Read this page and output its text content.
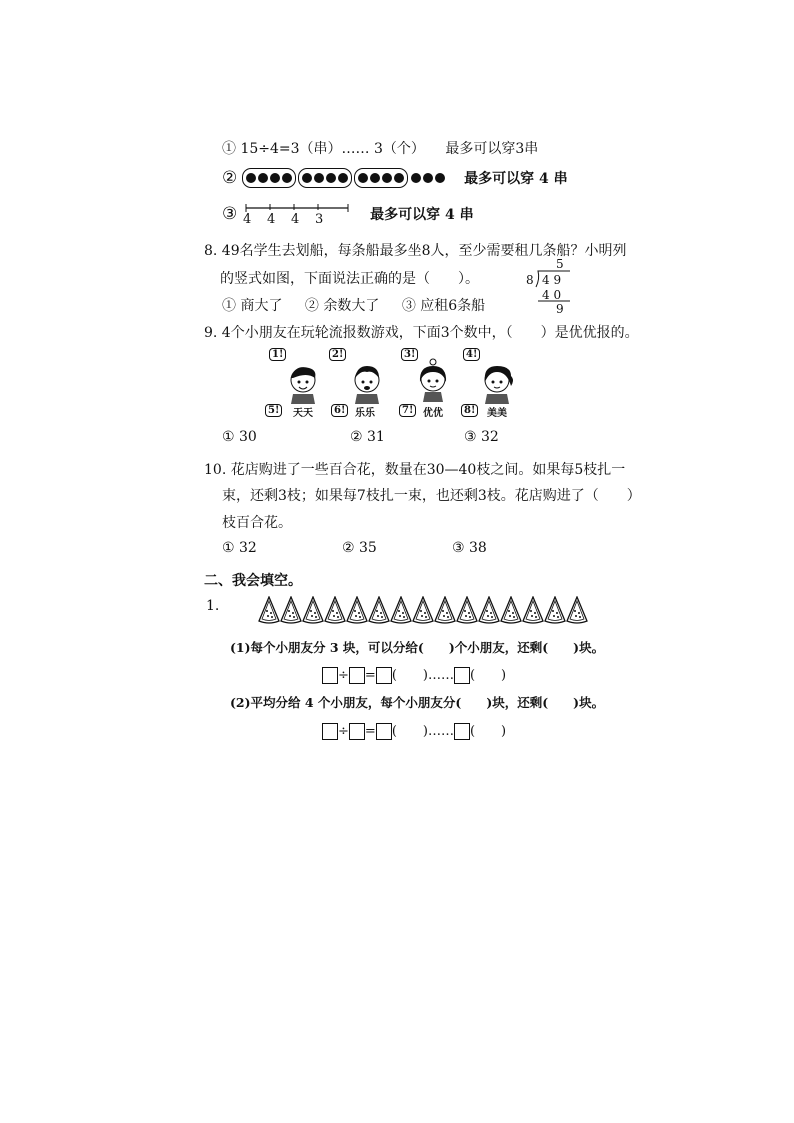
① 15÷4=3（串）…… 3（个） 最多可以穿3串
②	最多可以穿 4 串
③	最多可以穿 4 串
4 4 4 3
8. 49名学生去划船，每条船最多坐8人，至少需要租几条船？小明列
的竖式如图，下面说法正确的是（　　）。
5
8 4 9
4 0
9
① 商大了 ② 余数大了 ③ 应租6条船
9. 4个小朋友在玩轮流报数游戏，下面3个数中，（　　）是优优报的。
1!
5!	天天
2!
6! 乐乐
3!
7! 优优
4!
8!	美美
① 30	② 31	③ 32
10. 花店购进了一些百合花，数量在30—40枝之间。如果每5枝扎一
束，还剩3枝；如果每7枝扎一束，也还剩3枝。花店购进了（　　）
枝百合花。
① 32	② 35	③ 38
二、我会填空。
1.
(1)每个小朋友分 3 块，可以分给(　　)个小朋友，还剩(　　)块。
÷ = (　　)…… (　　)
(2)平均分给 4 个小朋友，每个小朋友分(　　)块，还剩(　　)块。
÷ = (　　)…… (　　)
